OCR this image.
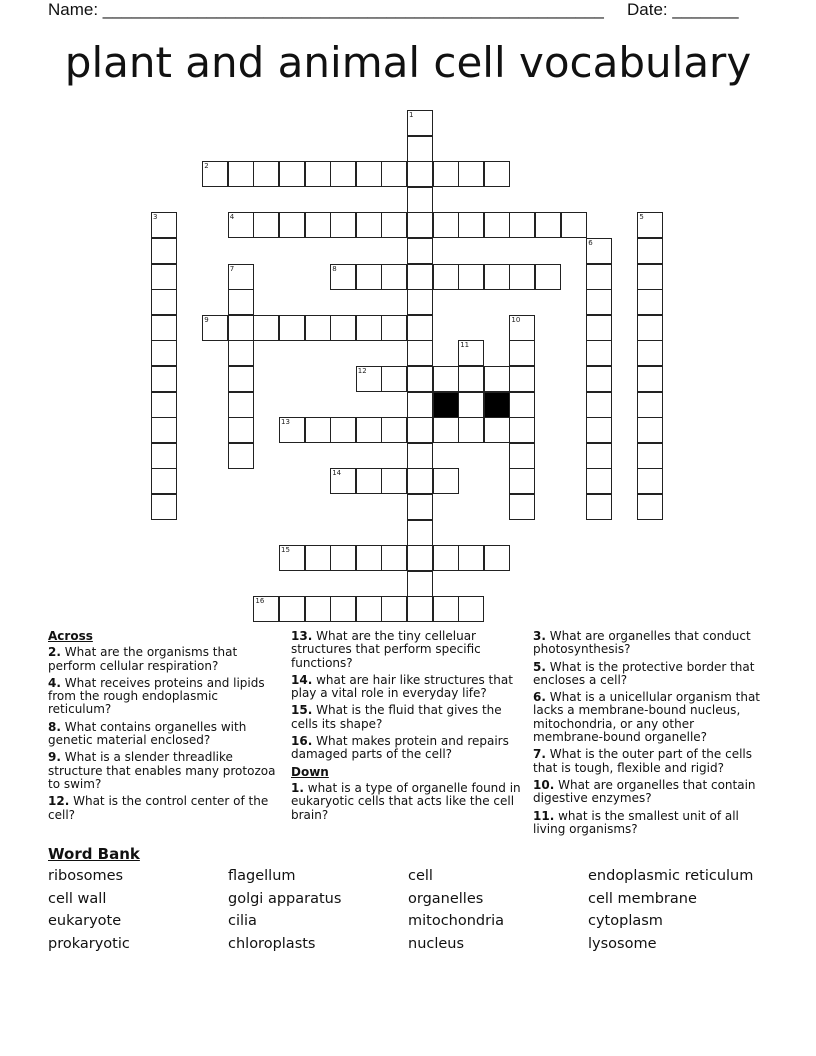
Name: _____________________________________________________ Date: _______
plant and animal cell vocabulary
1
2
3	4	5
6
7	8
9	10
11
12
13
14
15
16
Across
2. What are the organisms that perform cellular respiration?
4. What receives proteins and lipids from the rough endoplasmic reticulum?
8. What contains organelles with genetic material enclosed?
9. What is a slender threadlike structure that enables many protozoa to swim?
12. What is the control center of the cell?
13. What are the tiny celleluar structures that perform specific functions?
14. what are hair like structures that play a vital role in everyday life?
15. What is the fluid that gives the cells its shape?
16. What makes protein and repairs damaged parts of the cell?
Down
1. what is a type of organelle found in eukaryotic cells that acts like the cell brain?
3. What are organelles that conduct photosynthesis?
5. What is the protective border that encloses a cell?
6. What is a unicellular organism that lacks a membrane-bound nucleus, mitochondria, or any other membrane-bound organelle?
7. What is the outer part of the cells that is tough, flexible and rigid?
10. What are organelles that contain digestive enzymes?
11. what is the smallest unit of all living organisms?
Word Bank
ribosomes	flagellum	cell	endoplasmic reticulum
cell wall	golgi apparatus	organelles	cell membrane
eukaryote	cilia	mitochondria	cytoplasm
prokaryotic	chloroplasts	nucleus	lysosome
